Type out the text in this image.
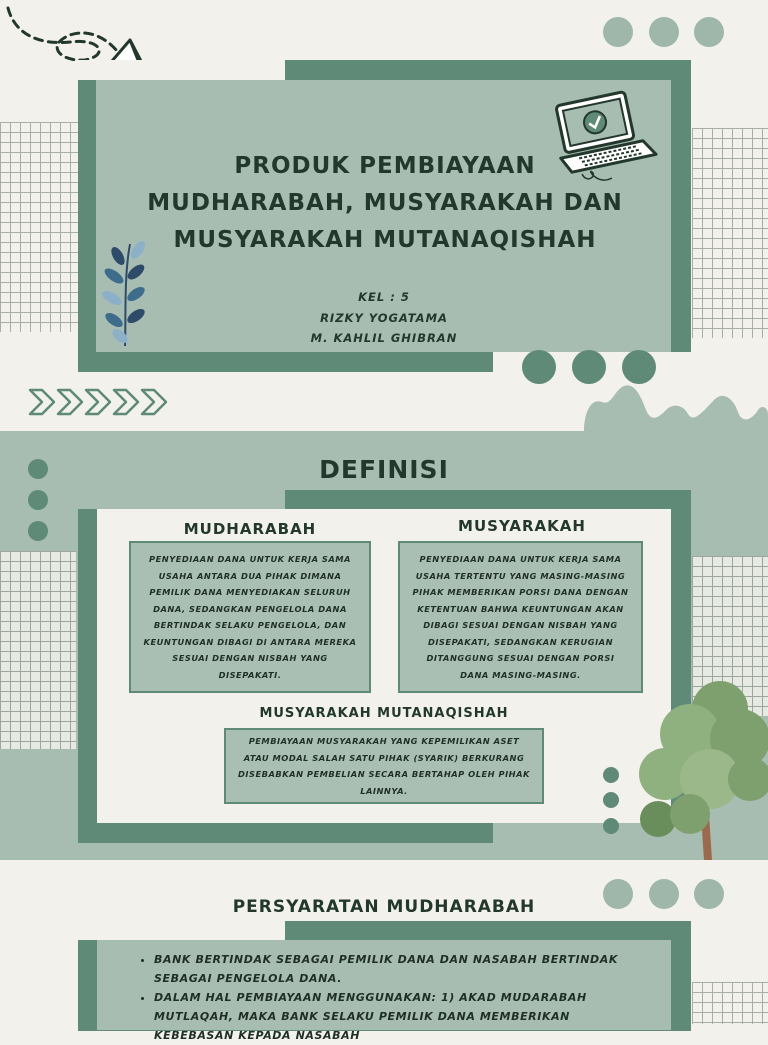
PRODUK PEMBIAYAAN
MUDHARABAH, MUSYARAKAH DAN
MUSYARAKAH MUTANAQISHAH
KEL : 5
RIZKY YOGATAMA
M. KAHLIL GHIBRAN
DEFINISI
MUDHARABAH
PENYEDIAAN DANA UNTUK KERJA SAMA USAHA ANTARA DUA PIHAK DIMANA PEMILIK DANA MENYEDIAKAN SELURUH DANA, SEDANGKAN PENGELOLA DANA BERTINDAK SELAKU PENGELOLA, DAN KEUNTUNGAN DIBAGI DI ANTARA MEREKA SESUAI DENGAN NISBAH YANG DISEPAKATI.
MUSYARAKAH
PENYEDIAAN DANA UNTUK KERJA SAMA USAHA TERTENTU YANG MASING-MASING PIHAK MEMBERIKAN PORSI DANA DENGAN KETENTUAN BAHWA KEUNTUNGAN AKAN DIBAGI SESUAI DENGAN NISBAH YANG DISEPAKATI, SEDANGKAN KERUGIAN DITANGGUNG SESUAI DENGAN PORSI DANA MASING-MASING.
MUSYARAKAH MUTANAQISHAH
PEMBIAYAAN MUSYARAKAH YANG KEPEMILIKAN ASET ATAU MODAL SALAH SATU PIHAK (SYARIK) BERKURANG DISEBABKAN PEMBELIAN SECARA BERTAHAP OLEH PIHAK LAINNYA.
PERSYARATAN MUDHARABAH
• BANK BERTINDAK SEBAGAI PEMILIK DANA DAN NASABAH BERTINDAK SEBAGAI PENGELOLA DANA.
• DALAM HAL PEMBIAYAAN MENGGUNAKAN: 1) AKAD MUDARABAH MUTLAQAH, MAKA BANK SELAKU PEMILIK DANA MEMBERIKAN KEBEBASAN KEPADA NASABAH
